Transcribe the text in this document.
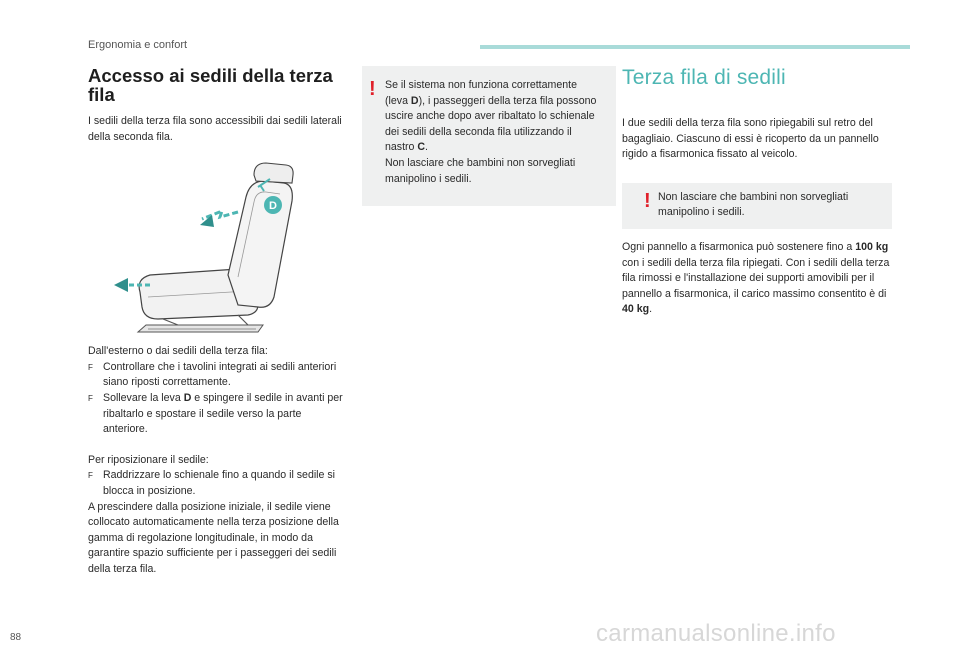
Ergonomia e confort
Accesso ai sedili della terza fila
I sedili della terza fila sono accessibili dai sedili laterali della seconda fila.
D

Dall'esterno o dai sedili della terza fila:

F Controllare che i tavolini integrati ai sedili anteriori siano riposti correttamente.
F Sollevare la leva D e spingere il sedile in avanti per ribaltarlo e spostare il sedile verso la parte anteriore.

Per riposizionare il sedile:

F Raddrizzare lo schienale fino a quando il sedile si blocca in posizione.

A prescindere dalla posizione iniziale, il sedile viene collocato automaticamente nella terza posizione della gamma di regolazione longitudinale, in modo da garantire spazio sufficiente per i passeggeri dei sedili della terza fila.

! Se il sistema non funziona correttamente (leva D), i passeggeri della terza fila possono uscire anche dopo aver ribaltato lo schienale dei sedili della seconda fila utilizzando il nastro C.

Non lasciare che bambini non sorvegliati manipolino i sedili.

Terza fila di sedili
I due sedili della terza fila sono ripiegabili sul retro del bagagliaio. Ciascuno di essi è ricoperto da un pannello rigido a fisarmonica fissato al veicolo.
! Non lasciare che bambini non sorvegliati manipolino i sedili.

Ogni pannello a fisarmonica può sostenere fino a 100 kg con i sedili della terza fila ripiegati. Con i sedili della terza fila rimossi e l'installazione dei supporti amovibili per il pannello a fisarmonica, il carico massimo consentito è di 40 kg.

88	carmanualsonline.info
